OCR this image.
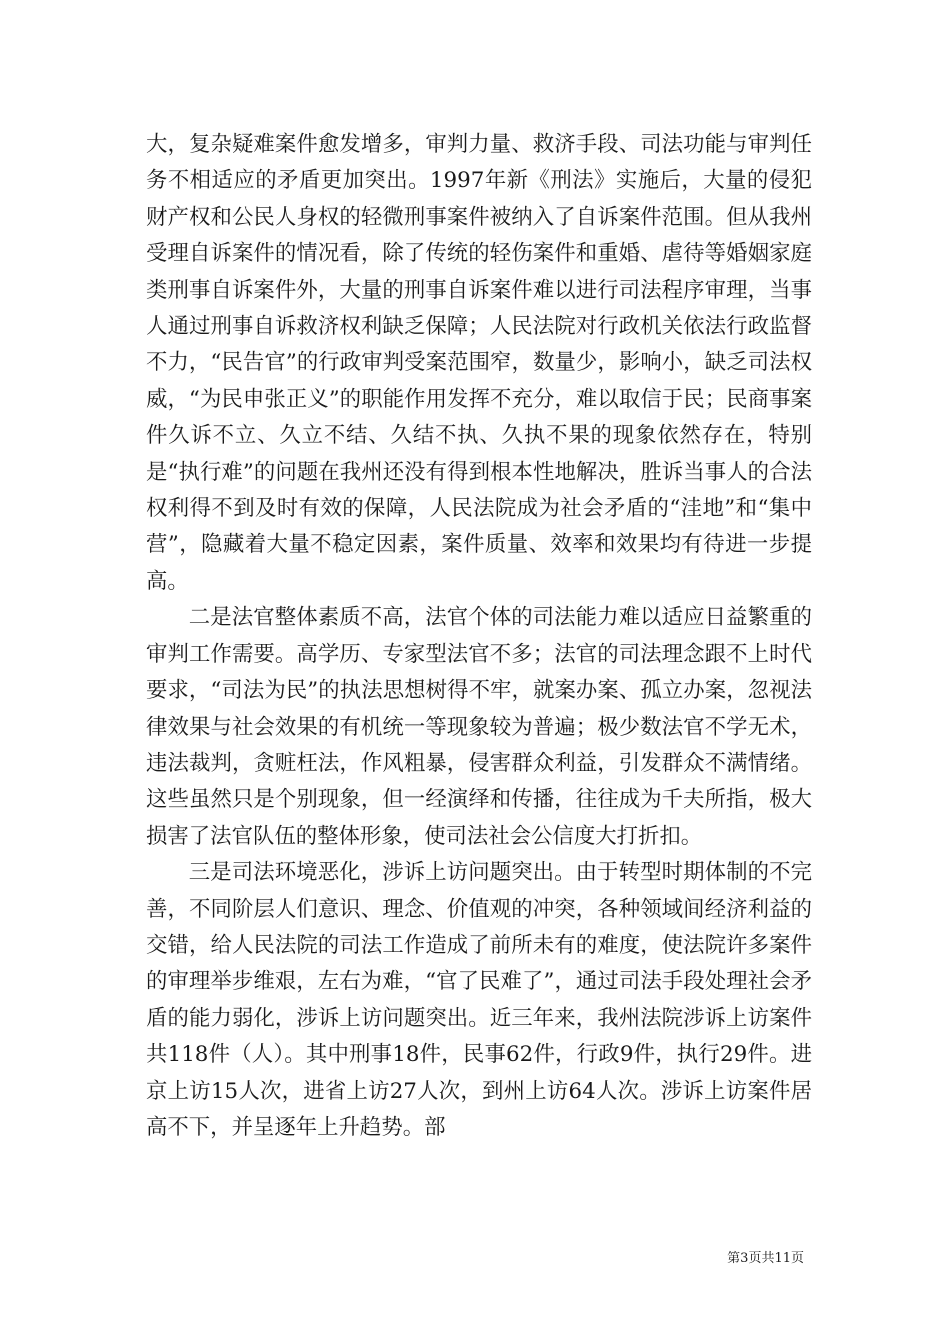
大，复杂疑难案件愈发增多，审判力量、救济手段、司法功能与审判任务不相适应的矛盾更加突出。1997年新《刑法》实施后，大量的侵犯财产权和公民人身权的轻微刑事案件被纳入了自诉案件范围。但从我州受理自诉案件的情况看，除了传统的轻伤案件和重婚、虐待等婚姻家庭类刑事自诉案件外，大量的刑事自诉案件难以进行司法程序审理，当事人通过刑事自诉救济权利缺乏保障；人民法院对行政机关依法行政监督不力，“民告官”的行政审判受案范围窄，数量少，影响小，缺乏司法权威，“为民申张正义”的职能作用发挥不充分，难以取信于民；民商事案件久诉不立、久立不结、久结不执、久执不果的现象依然存在，特别是“执行难”的问题在我州还没有得到根本性地解决，胜诉当事人的合法权利得不到及时有效的保障，人民法院成为社会矛盾的“洼地”和“集中营”，隐藏着大量不稳定因素，案件质量、效率和效果均有待进一步提高。

二是法官整体素质不高，法官个体的司法能力难以适应日益繁重的审判工作需要。高学历、专家型法官不多；法官的司法理念跟不上时代要求，“司法为民”的执法思想树得不牢，就案办案、孤立办案，忽视法律效果与社会效果的有机统一等现象较为普遍；极少数法官不学无术，违法裁判，贪赃枉法，作风粗暴，侵害群众利益，引发群众不满情绪。这些虽然只是个别现象，但一经演绎和传播，往往成为千夫所指，极大损害了法官队伍的整体形象，使司法社会公信度大打折扣。

三是司法环境恶化，涉诉上访问题突出。由于转型时期体制的不完善，不同阶层人们意识、理念、价值观的冲突，各种领域间经济利益的交错，给人民法院的司法工作造成了前所未有的难度，使法院许多案件的审理举步维艰，左右为难，“官了民难了”，通过司法手段处理社会矛盾的能力弱化，涉诉上访问题突出。近三年来，我州法院涉诉上访案件共118件（人）。其中刑事18件，民事62件，行政9件，执行29件。进京上访15人次，进省上访27人次，到州上访64人次。涉诉上访案件居高不下，并呈逐年上升趋势。部

第3页共11页
